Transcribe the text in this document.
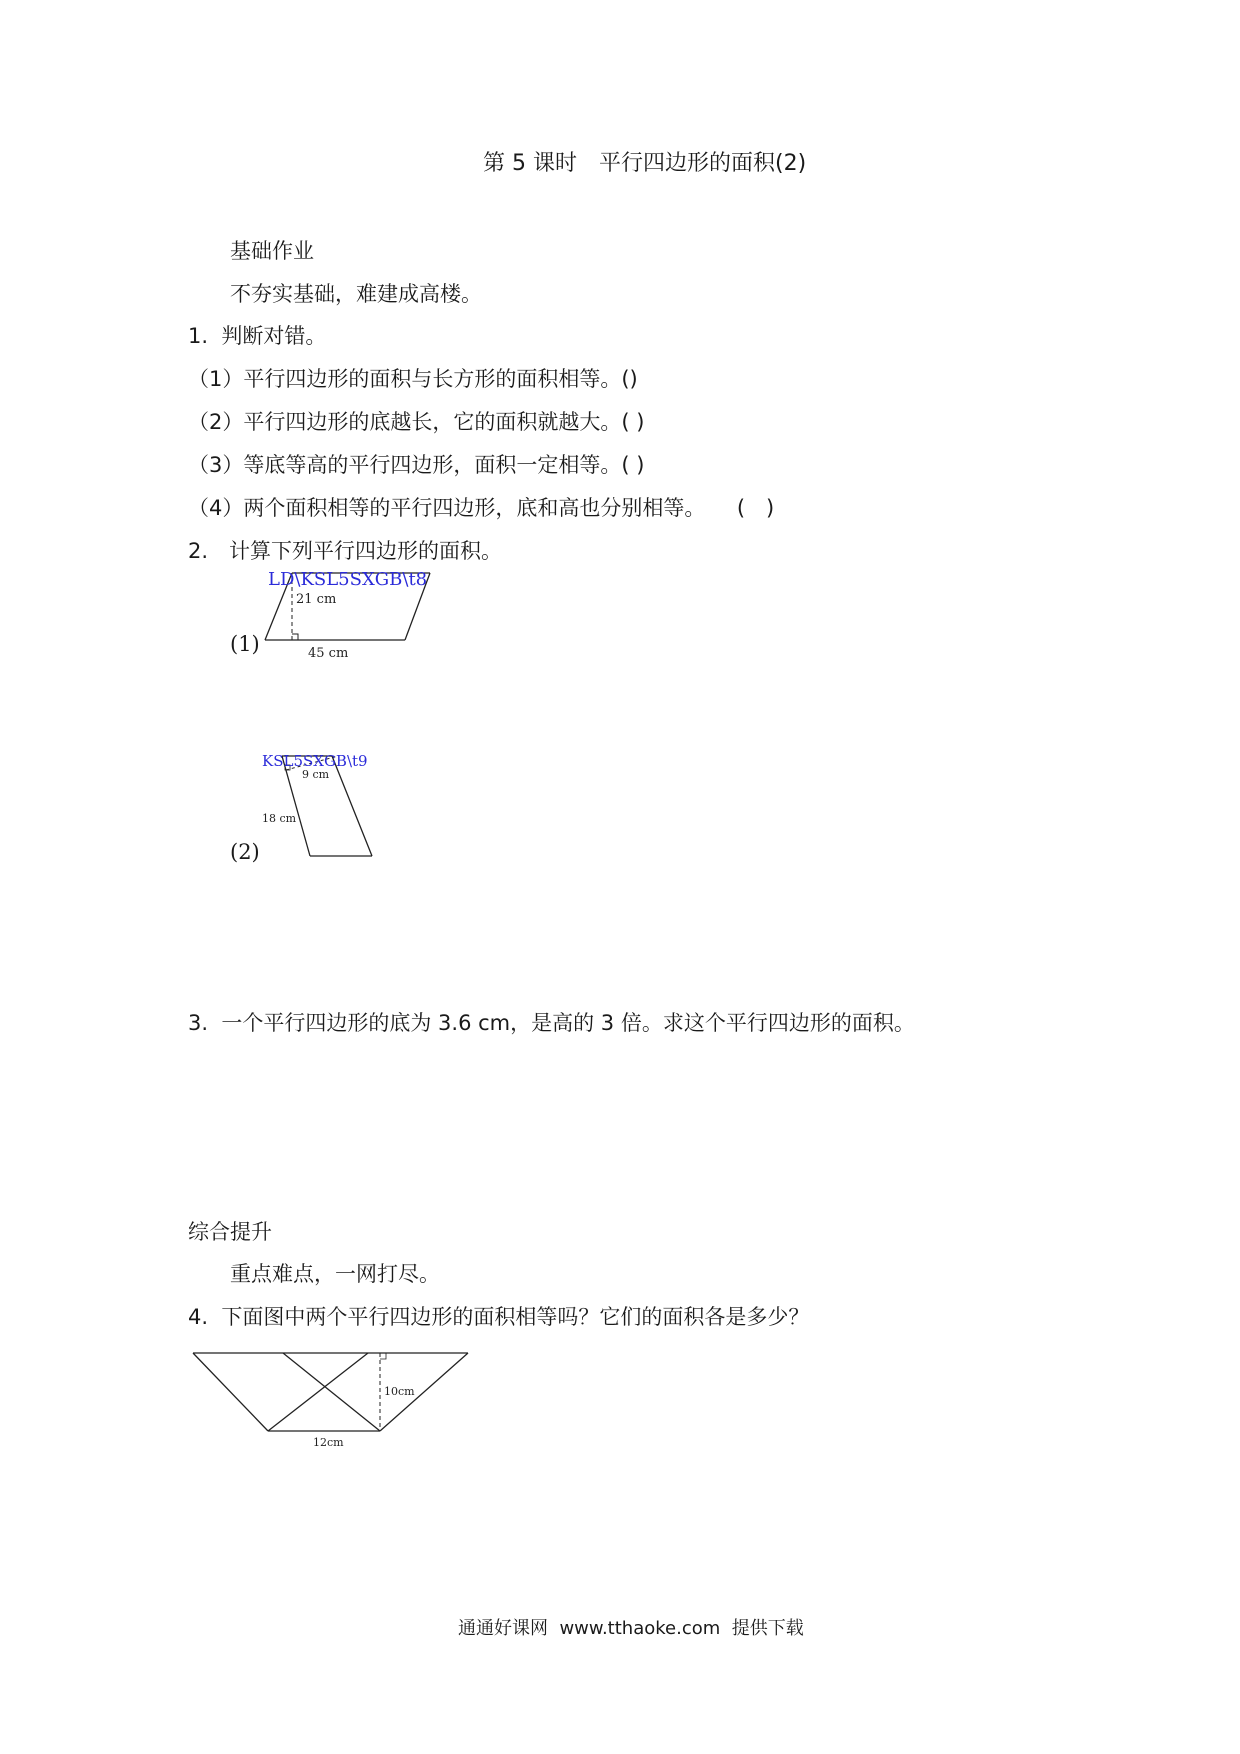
第 5 课时　平行四边形的面积(2)
基础作业
不夯实基础，难建成高楼。
1.  判断对错。
（1）平行四边形的面积与长方形的面积相等。()
（2）平行四边形的底越长，它的面积就越大。( )
（3）等底等高的平行四边形，面积一定相等。( )
（4）两个面积相等的平行四边形，底和高也分别相等。　　(　)
2.　计算下列平行四边形的面积。
LD\KSL5SXGB\t8
21 cm
45 cm
(1)
KSL5SXGB\t9
9 cm
18 cm
(2)
3.  一个平行四边形的底为 3.6 cm，是高的 3 倍。求这个平行四边形的面积。
综合提升
重点难点，一网打尽。
4.  下面图中两个平行四边形的面积相等吗？它们的面积各是多少？
10cm
12cm
通通好课网  www.tthaoke.com  提供下载
